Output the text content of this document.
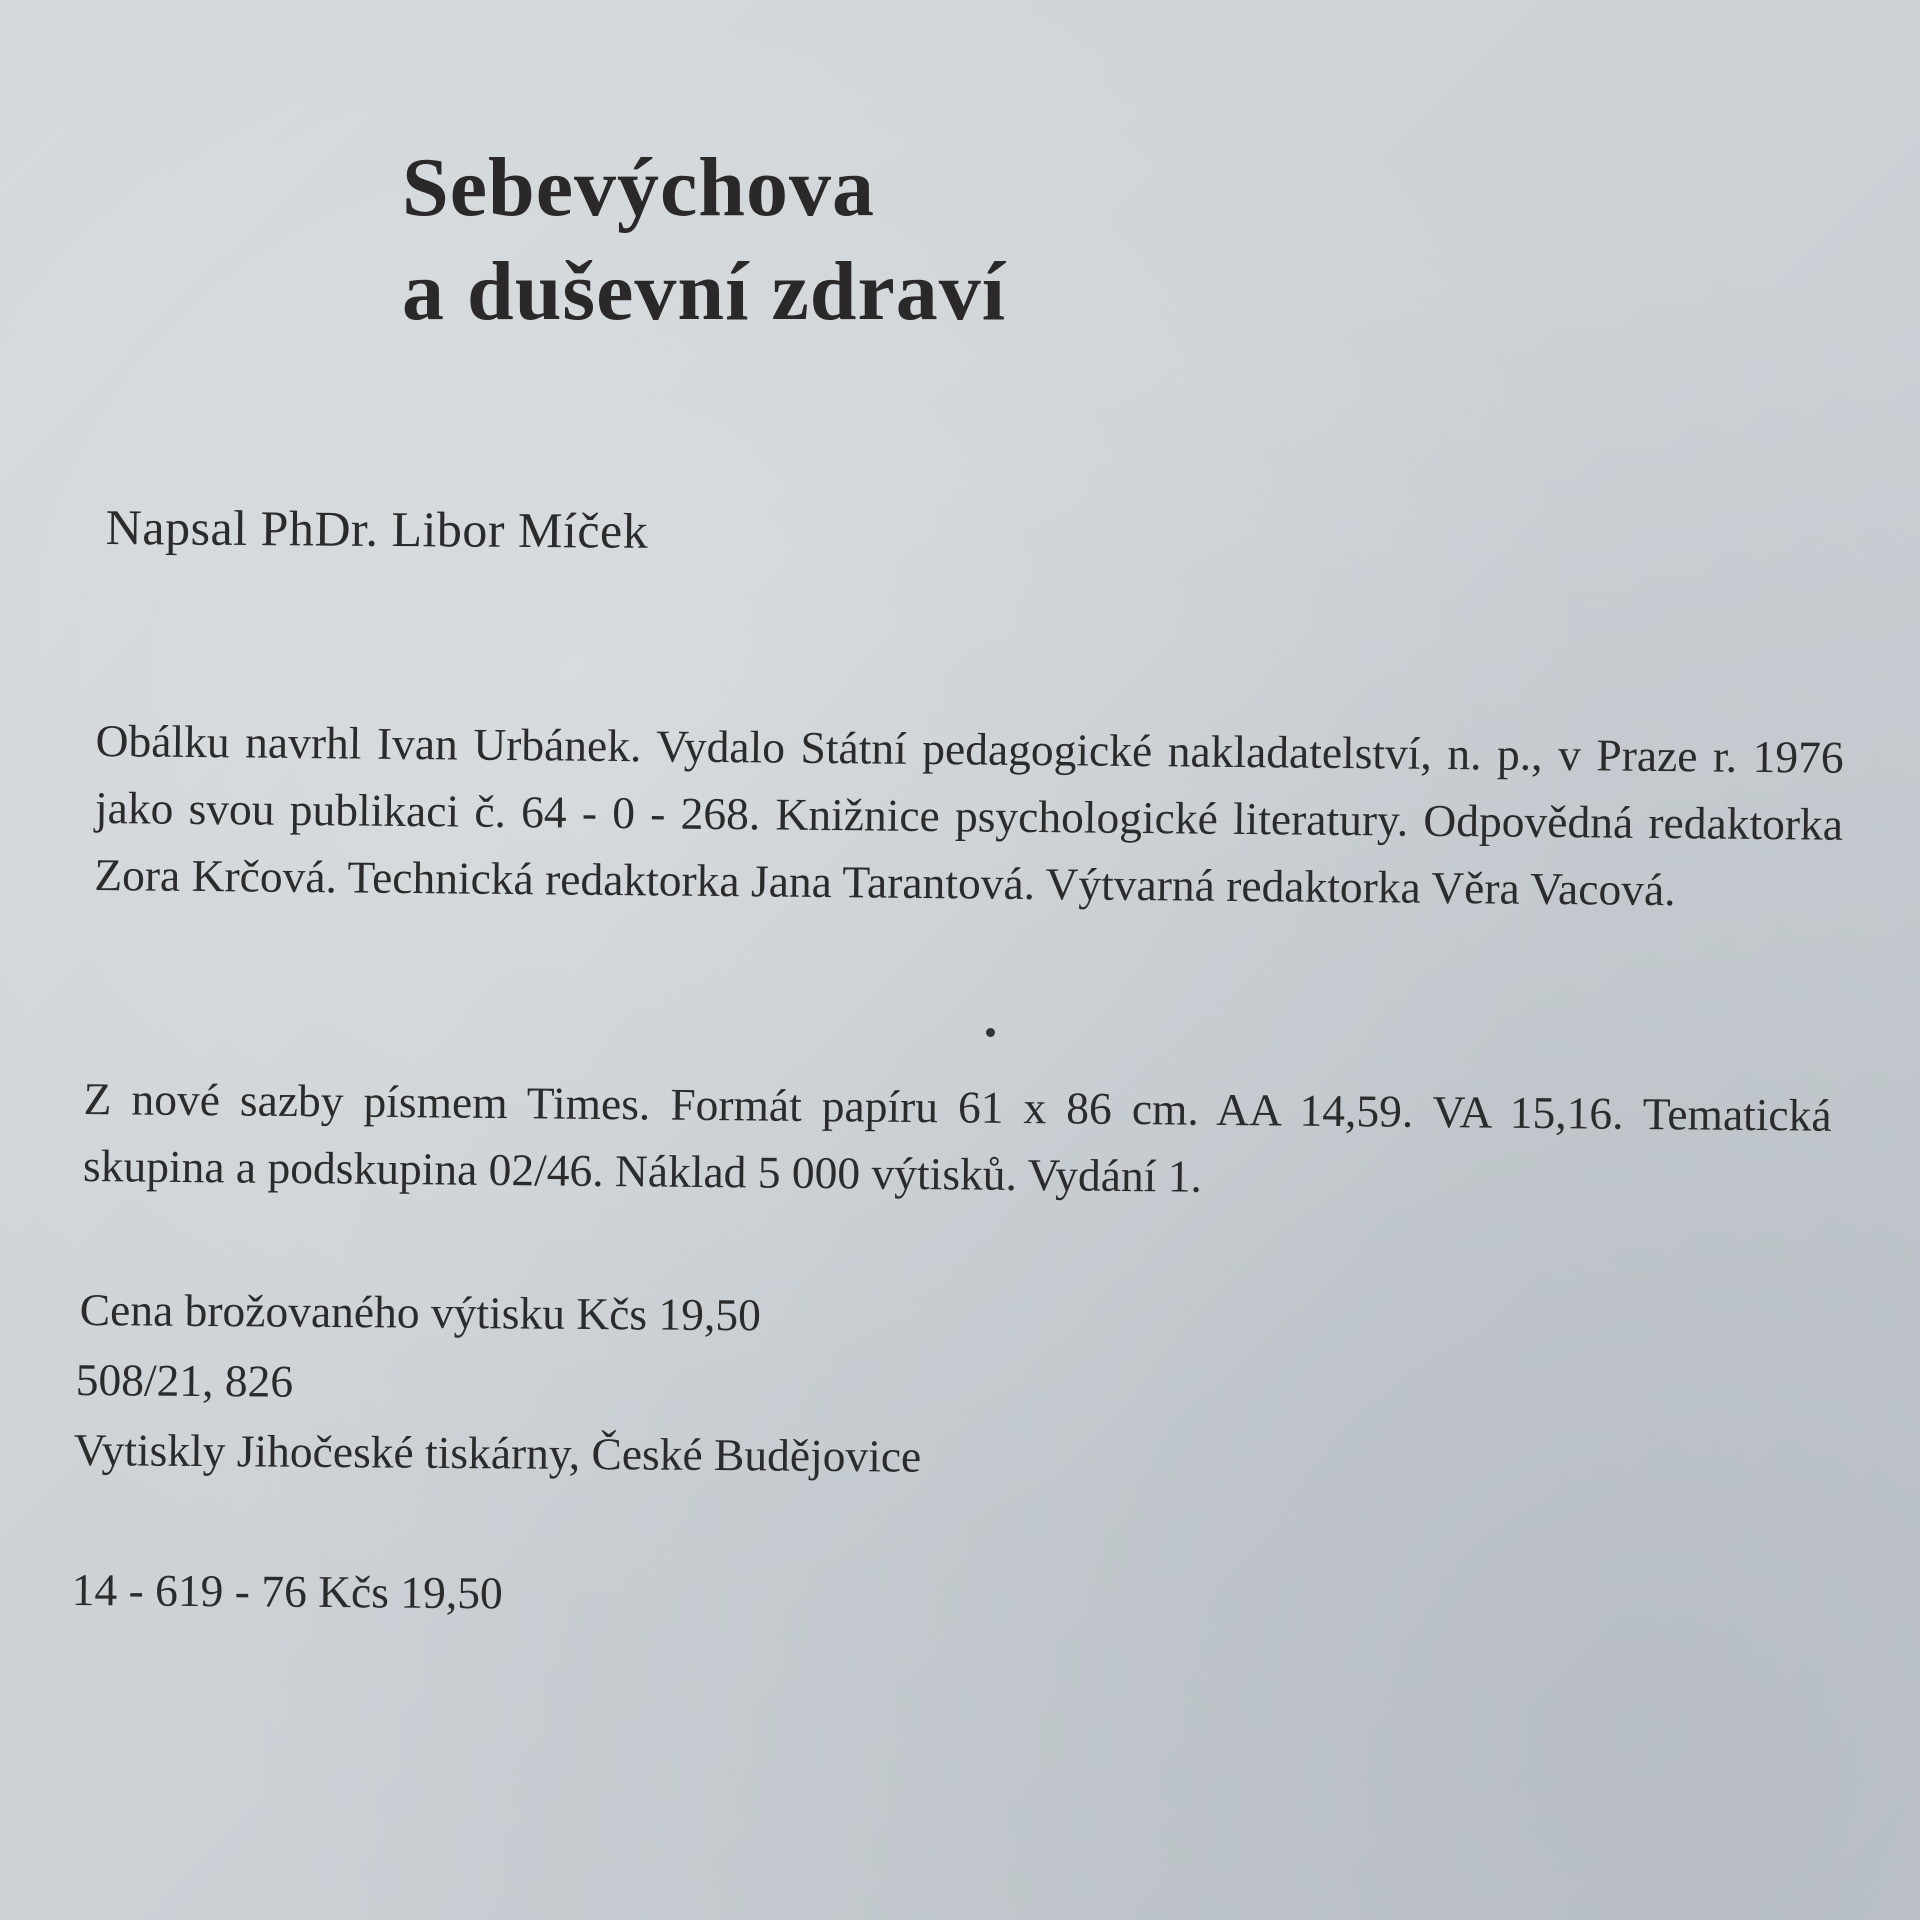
Sebevýchova
a duševní zdraví

Napsal PhDr. Libor Míček

Obálku navrhl Ivan Urbánek. Vydalo Státní pedagogické nakladatelství, n. p., v Praze r. 1976 jako svou publikaci č. 64 - 0 - 268. Knižnice psychologické literatury. Odpovědná redaktorka Zora Krčová. Technická redaktorka Jana Tarantová. Výtvarná redaktorka Věra Vacová.

Z nové sazby písmem Times. Formát papíru 61 x 86 cm. AA 14,59. VA 15,16. Tematická skupina a podskupina 02/46. Náklad 5 000 výtisků. Vydání 1.

Cena brožovaného výtisku Kčs 19,50

508/21, 826

Vytiskly Jihočeské tiskárny, České Budějovice

14 - 619 - 76 Kčs 19,50
